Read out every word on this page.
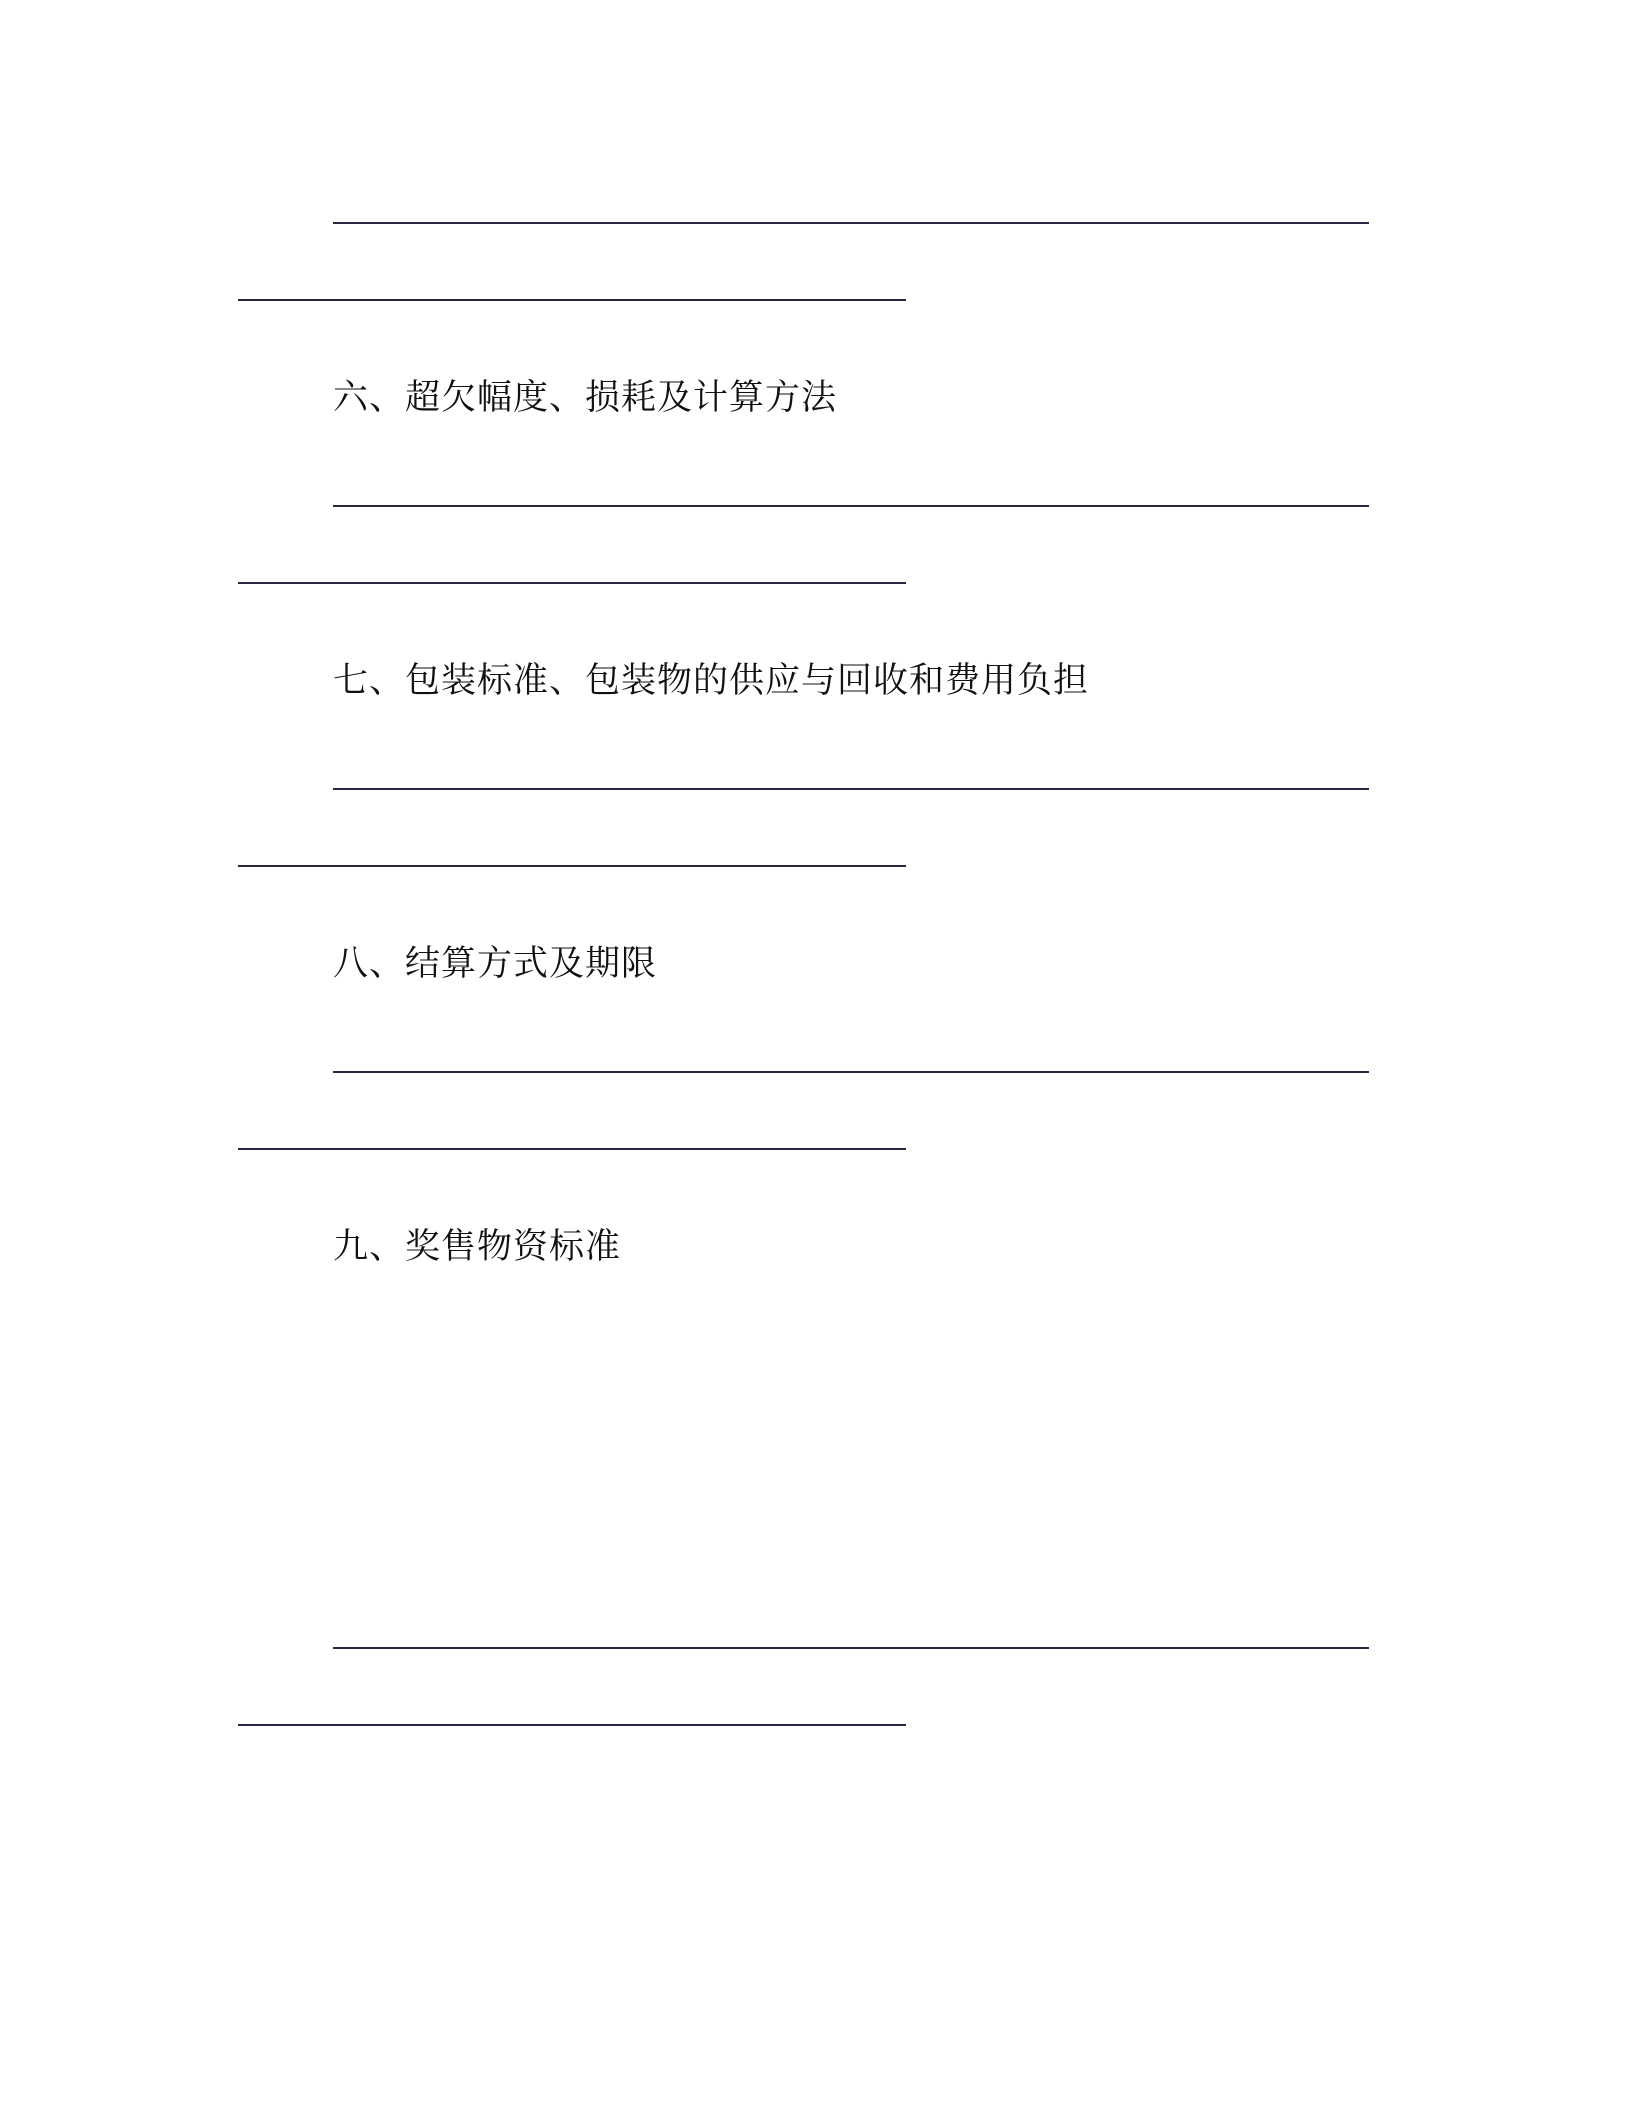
六、超欠幅度、损耗及计算方法
七、包装标准、包装物的供应与回收和费用负担
八、结算方式及期限
九、奖售物资标准
